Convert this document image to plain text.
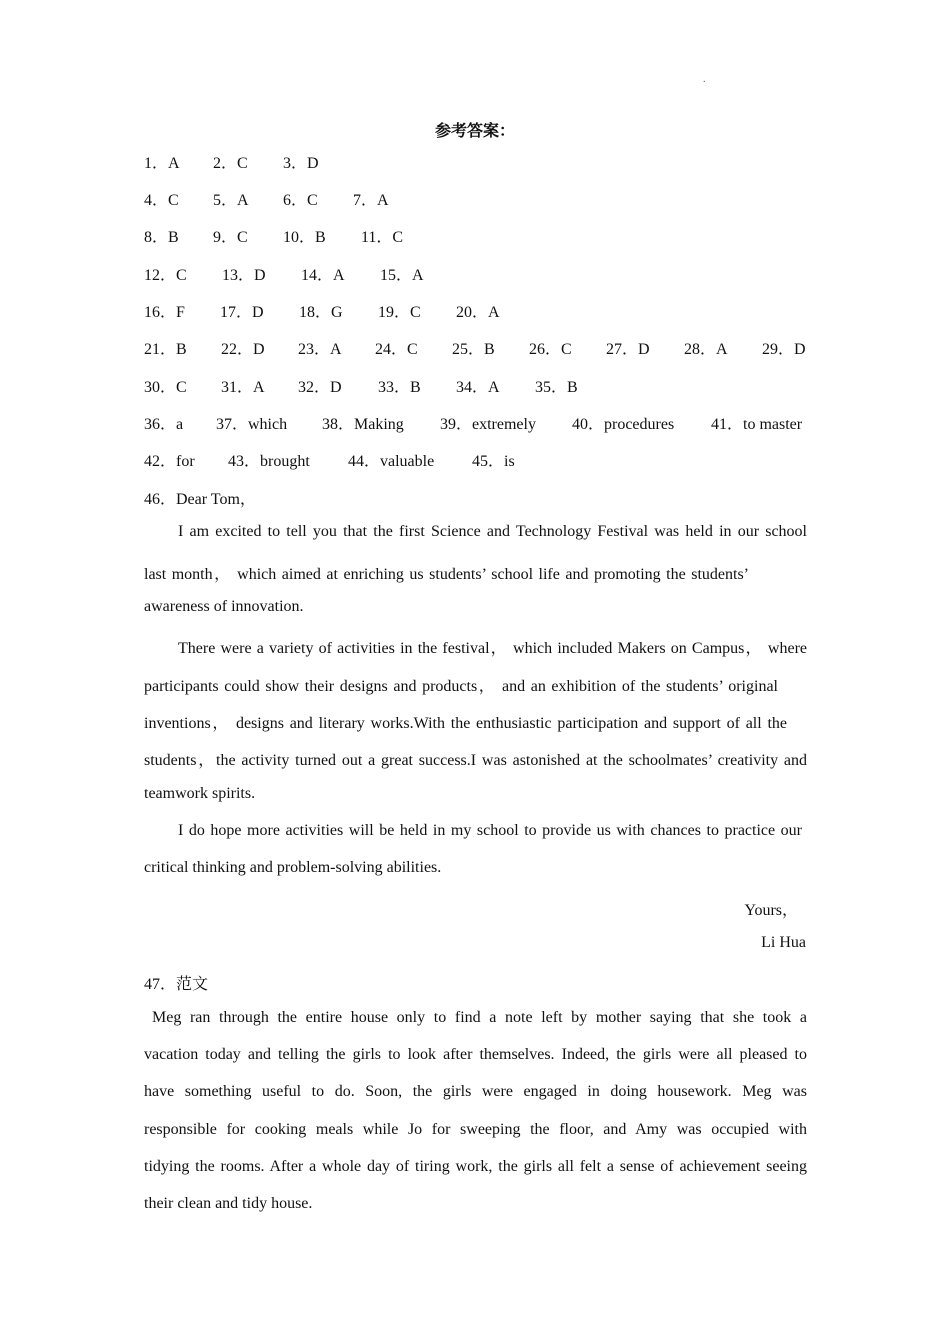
.
参考答案：
1．A 2．C 3．D
4．C 5．A 6．C 7．A
8．B 9．C 10．B 11．C
12．C 13．D 14．A 15．A
16．F 17．D 18．G 19．C 20．A
21．B 22．D 23．A 24．C 25．B 26．C 27．D 28．A 29．D
30．C 31．A 32．D 33．B 34．A 35．B
36．a 37．which 38．Making 39．extremely 40．procedures 41．to master
42．for 43．brought 44．valuable 45．is
46．Dear Tom，
I am excited to tell you that the first Science and Technology Festival was held in our school
last month， which aimed at enriching us students’ school life and promoting the students’
awareness of innovation.
There were a variety of activities in the festival， which included Makers on Campus， where
participants could show their designs and products， and an exhibition of the students’ original
inventions， designs and literary works.With the enthusiastic participation and support of all the
students，the activity turned out a great success.I was astonished at the schoolmates’ creativity and
teamwork spirits.
I do hope more activities will be held in my school to provide us with chances to practice our
critical thinking and problem-solving abilities.
Yours，
Li Hua
47．范文
Meg ran through the entire house only to find a note left by mother saying that she took a
vacation today and telling the girls to look after themselves. Indeed, the girls were all pleased to
have something useful to do. Soon, the girls were engaged in doing housework. Meg was
responsible for cooking meals while Jo for sweeping the floor, and Amy was occupied with
tidying the rooms. After a whole day of tiring work, the girls all felt a sense of achievement seeing
their clean and tidy house.
